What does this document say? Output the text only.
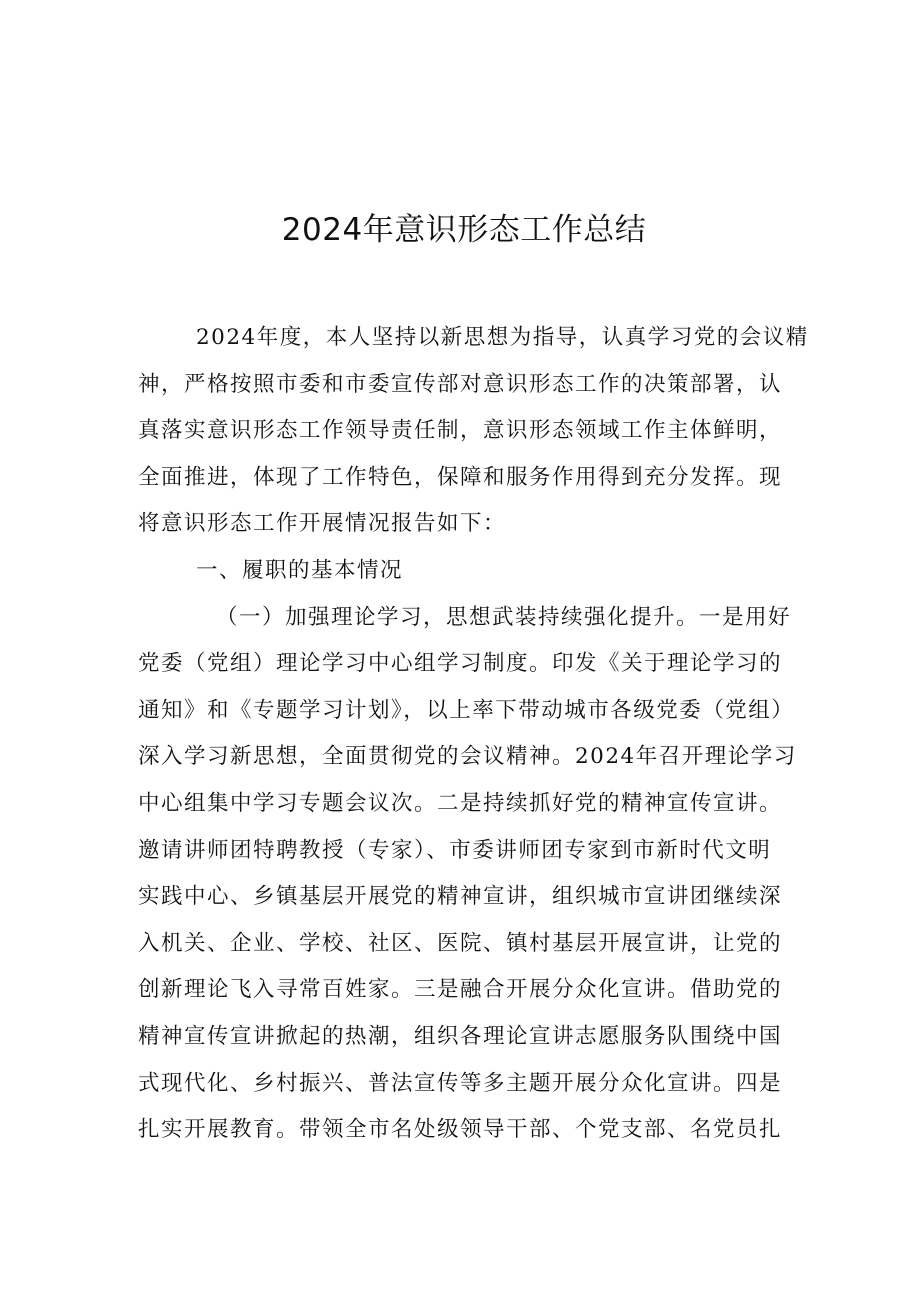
2024年意识形态工作总结
2024年度，本人坚持以新思想为指导，认真学习党的会议精
神，严格按照市委和市委宣传部对意识形态工作的决策部署，认
真落实意识形态工作领导责任制，意识形态领域工作主体鲜明，
全面推进，体现了工作特色，保障和服务作用得到充分发挥。现
将意识形态工作开展情况报告如下：
一、履职的基本情况
（一）加强理论学习，思想武装持续强化提升。一是用好
党委（党组）理论学习中心组学习制度。印发《关于理论学习的
通知》和《专题学习计划》，以上率下带动城市各级党委（党组）
深入学习新思想，全面贯彻党的会议精神。2024年召开理论学习
中心组集中学习专题会议次。二是持续抓好党的精神宣传宣讲。
邀请讲师团特聘教授（专家）、市委讲师团专家到市新时代文明
实践中心、乡镇基层开展党的精神宣讲，组织城市宣讲团继续深
入机关、企业、学校、社区、医院、镇村基层开展宣讲，让党的
创新理论飞入寻常百姓家。三是融合开展分众化宣讲。借助党的
精神宣传宣讲掀起的热潮，组织各理论宣讲志愿服务队围绕中国
式现代化、乡村振兴、普法宣传等多主题开展分众化宣讲。四是
扎实开展教育。带领全市名处级领导干部、个党支部、名党员扎
